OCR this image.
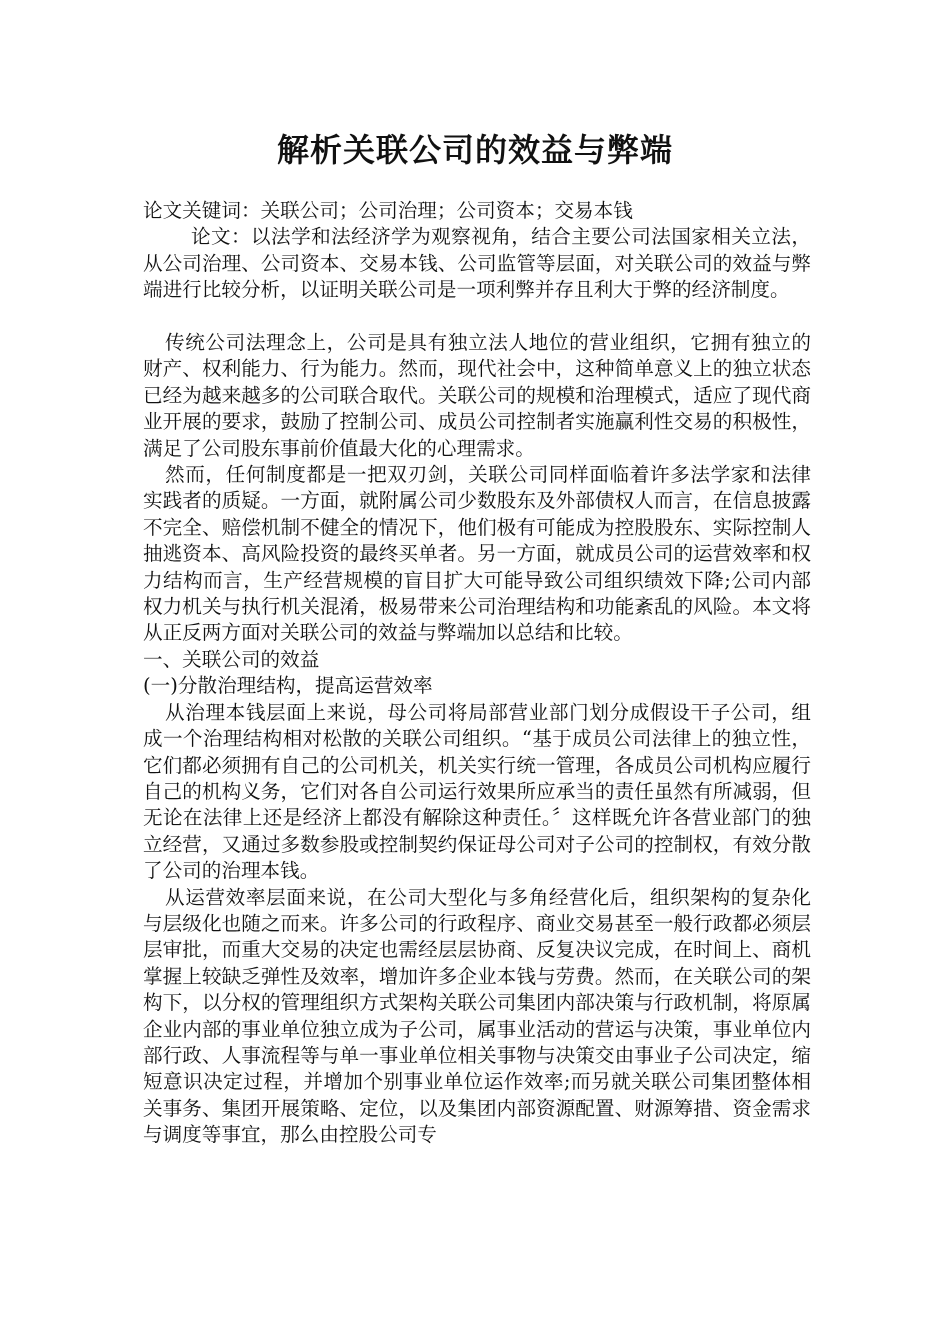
解析关联公司的效益与弊端

论文关键词：关联公司；公司治理；公司资本；交易本钱

论文：以法学和法经济学为观察视角，结合主要公司法国家相关立法，从公司治理、公司资本、交易本钱、公司监管等层面，对关联公司的效益与弊端进行比较分析，以证明关联公司是一项利弊并存且利大于弊的经济制度。

传统公司法理念上，公司是具有独立法人地位的营业组织，它拥有独立的财产、权利能力、行为能力。然而，现代社会中，这种简单意义上的独立状态已经为越来越多的公司联合取代。关联公司的规模和治理模式，适应了现代商业开展的要求，鼓励了控制公司、成员公司控制者实施赢利性交易的积极性，满足了公司股东事前价值最大化的心理需求。

然而，任何制度都是一把双刃剑，关联公司同样面临着许多法学家和法律实践者的质疑。一方面，就附属公司少数股东及外部债权人而言，在信息披露不完全、赔偿机制不健全的情况下，他们极有可能成为控股股东、实际控制人抽逃资本、高风险投资的最终买单者。另一方面，就成员公司的运营效率和权力结构而言，生产经营规模的盲目扩大可能导致公司组织绩效下降;公司内部权力机关与执行机关混淆，极易带来公司治理结构和功能紊乱的风险。本文将从正反两方面对关联公司的效益与弊端加以总结和比较。

一、关联公司的效益

(一)分散治理结构，提高运营效率

从治理本钱层面上来说，母公司将局部营业部门划分成假设干子公司，组成一个治理结构相对松散的关联公司组织。“基于成员公司法律上的独立性，它们都必须拥有自己的公司机关，机关实行统一管理，各成员公司机构应履行自己的机构义务，它们对各自公司运行效果所应承当的责任虽然有所减弱，但无论在法律上还是经济上都没有解除这种责任。〞这样既允许各营业部门的独立经营，又通过多数参股或控制契约保证母公司对子公司的控制权，有效分散了公司的治理本钱。

从运营效率层面来说，在公司大型化与多角经营化后，组织架构的复杂化与层级化也随之而来。许多公司的行政程序、商业交易甚至一般行政都必须层层审批，而重大交易的决定也需经层层协商、反复决议完成，在时间上、商机掌握上较缺乏弹性及效率，增加许多企业本钱与劳费。然而，在关联公司的架构下，以分权的管理组织方式架构关联公司集团内部决策与行政机制，将原属企业内部的事业单位独立成为子公司，属事业活动的营运与决策，事业单位内部行政、人事流程等与单一事业单位相关事物与决策交由事业子公司决定，缩短意识决定过程，并增加个别事业单位运作效率;而另就关联公司集团整体相关事务、集团开展策略、定位，以及集团内部资源配置、财源筹措、资金需求与调度等事宜，那么由控股公司专
